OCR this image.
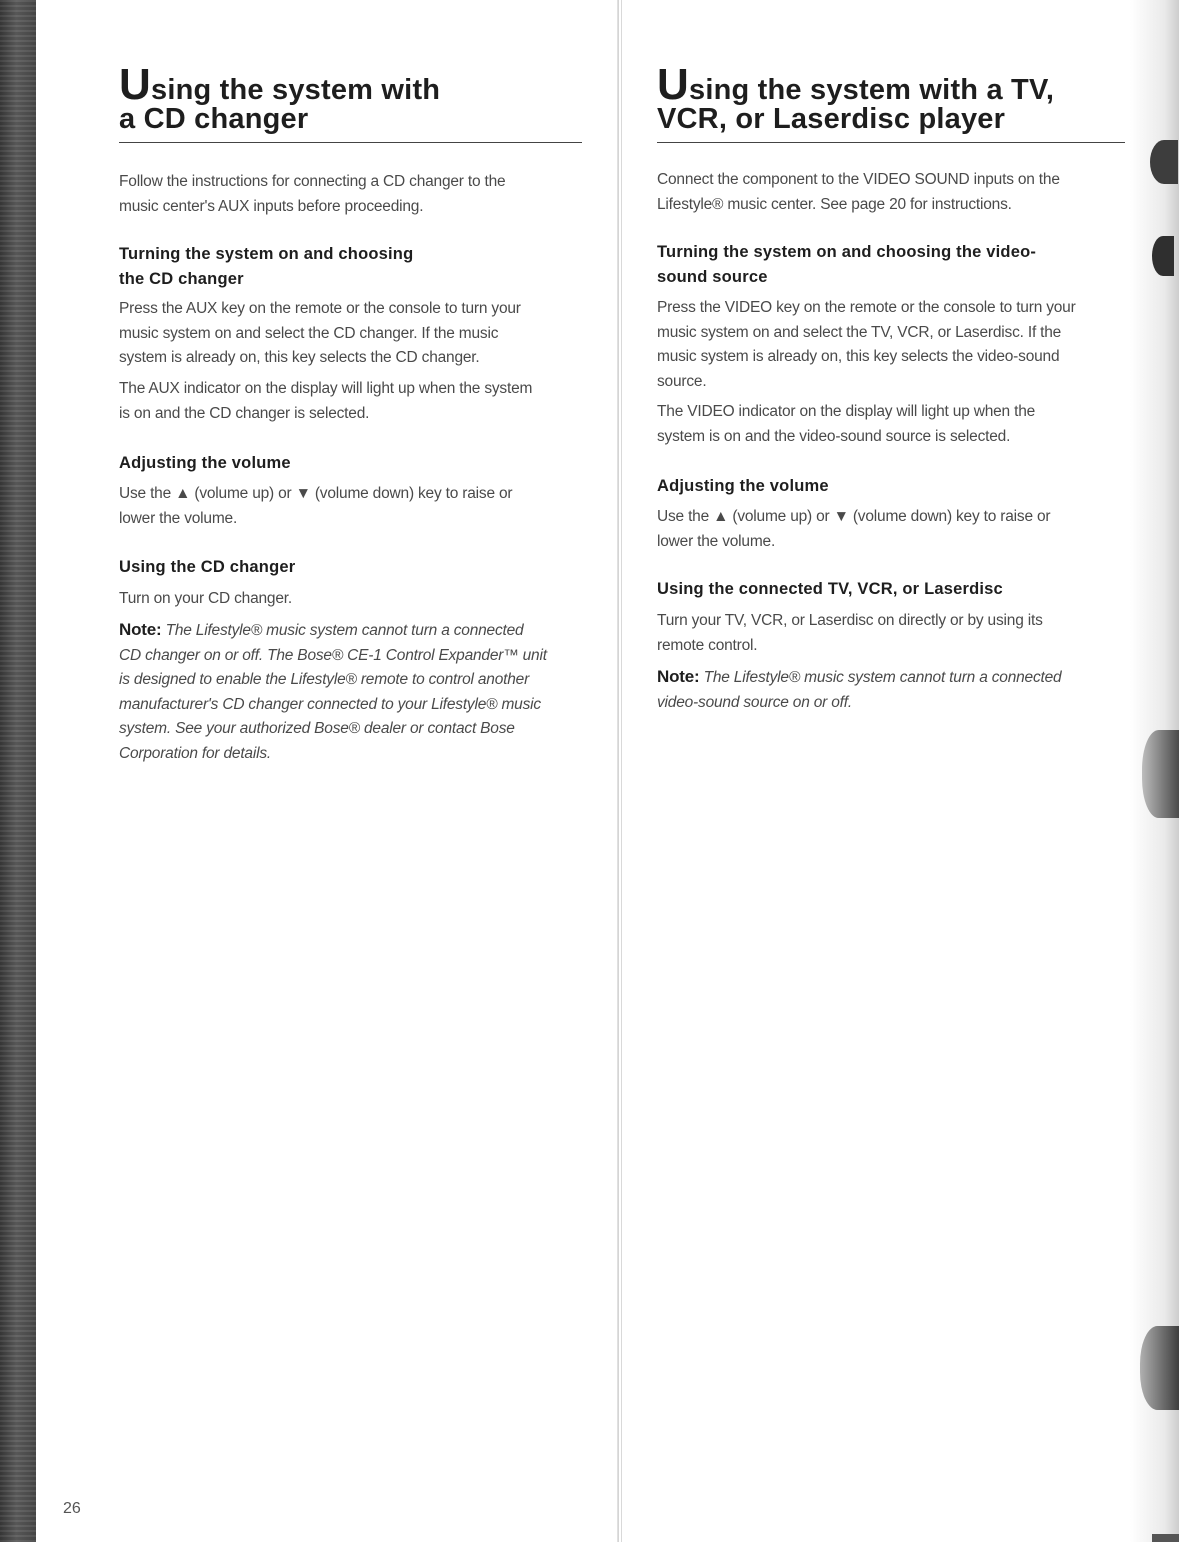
Using the system with
a CD changer

Follow the instructions for connecting a CD changer to the
music center's AUX inputs before proceeding.

Turning the system on and choosing
the CD changer

Press the AUX key on the remote or the console to turn your
music system on and select the CD changer. If the music
system is already on, this key selects the CD changer.

The AUX indicator on the display will light up when the system
is on and the CD changer is selected.

Adjusting the volume

Use the ▲ (volume up) or ▼ (volume down) key to raise or
lower the volume.

Using the CD changer

Turn on your CD changer.

Note: The Lifestyle® music system cannot turn a connected
CD changer on or off. The Bose® CE-1 Control Expander™ unit
is designed to enable the Lifestyle® remote to control another
manufacturer's CD changer connected to your Lifestyle® music
system. See your authorized Bose® dealer or contact Bose
Corporation for details.

Using the system with a TV,
VCR, or Laserdisc player

Connect the component to the VIDEO SOUND inputs on the
Lifestyle® music center. See page 20 for instructions.

Turning the system on and choosing the video-
sound source

Press the VIDEO key on the remote or the console to turn your
music system on and select the TV, VCR, or Laserdisc. If the
music system is already on, this key selects the video-sound
source.

The VIDEO indicator on the display will light up when the
system is on and the video-sound source is selected.

Adjusting the volume

Use the ▲ (volume up) or ▼ (volume down) key to raise or
lower the volume.

Using the connected TV, VCR, or Laserdisc

Turn your TV, VCR, or Laserdisc on directly or by using its
remote control.

Note: The Lifestyle® music system cannot turn a connected
video-sound source on or off.

26
